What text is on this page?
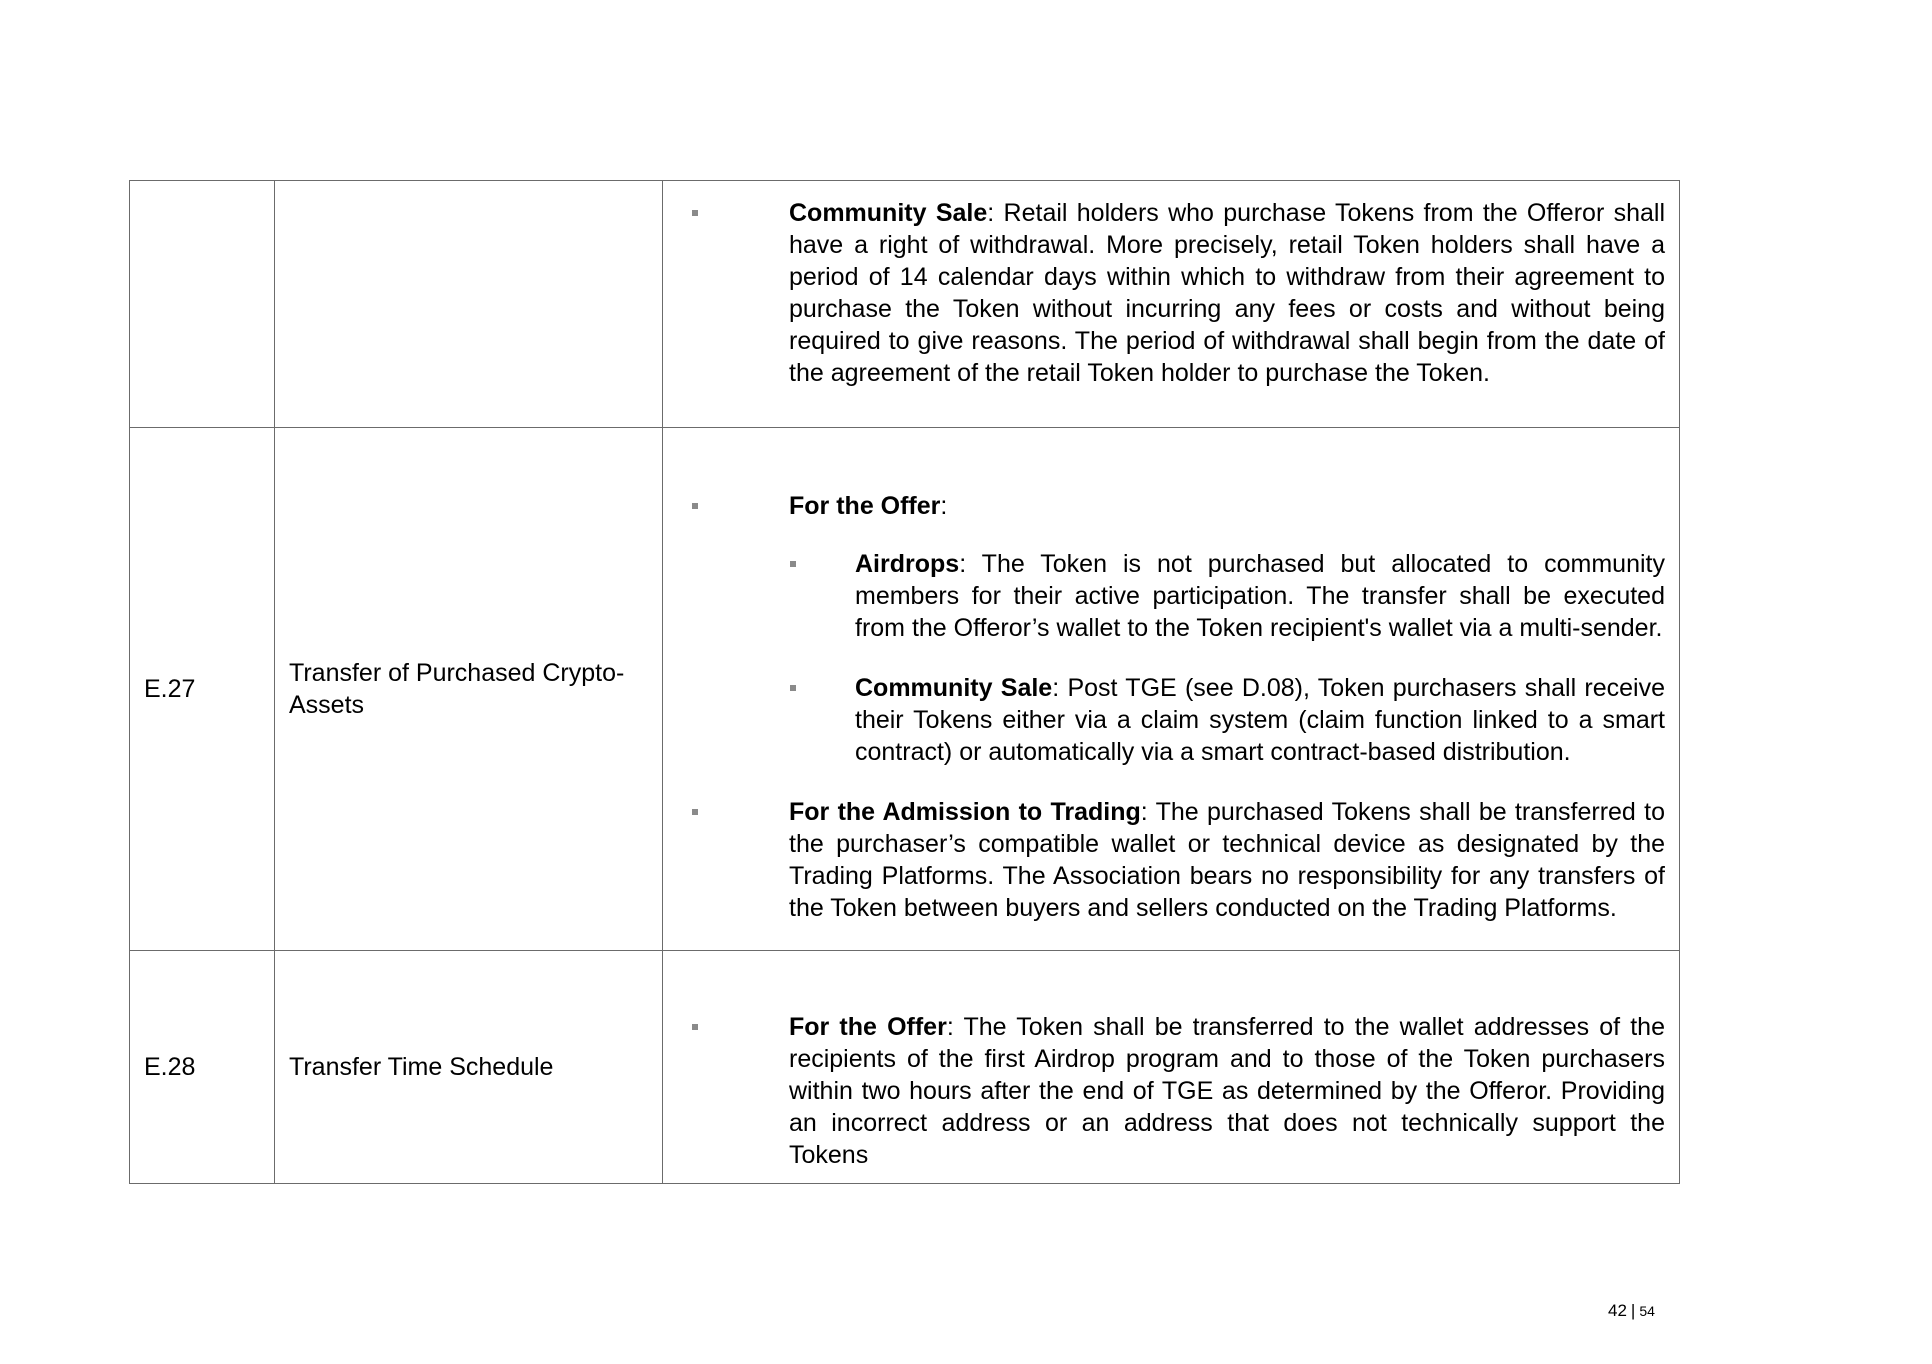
		Community Sale: Retail holders who purchase Tokens from the Offeror shall have a right of withdrawal. More precisely, retail Token holders shall have a period of 14 calendar days within which to withdraw from their agreement to purchase the Token without incurring any fees or costs and without being required to give reasons. The period of withdrawal shall begin from the date of the agreement of the retail Token holder to purchase the Token.

E.27	Transfer of Purchased Crypto-Assets	For the Offer:
Airdrops: The Token is not purchased but allocated to community members for their active participation. The transfer shall be executed from the Offeror’s wallet to the Token recipient's wallet via a multi-sender.
Community Sale: Post TGE (see D.08), Token purchasers shall receive their Tokens either via a claim system (claim function linked to a smart contract) or automatically via a smart contract-based distribution.
For the Admission to Trading: The purchased Tokens shall be transferred to the purchaser’s compatible wallet or technical device as designated by the Trading Platforms. The Association bears no responsibility for any transfers of the Token between buyers and sellers conducted on the Trading Platforms.

E.28	Transfer Time Schedule	For the Offer: The Token shall be transferred to the wallet addresses of the recipients of the first Airdrop program and to those of the Token purchasers within two hours after the end of TGE as determined by the Offeror. Providing an incorrect address or an address that does not technically support the Tokens
42 | 54
